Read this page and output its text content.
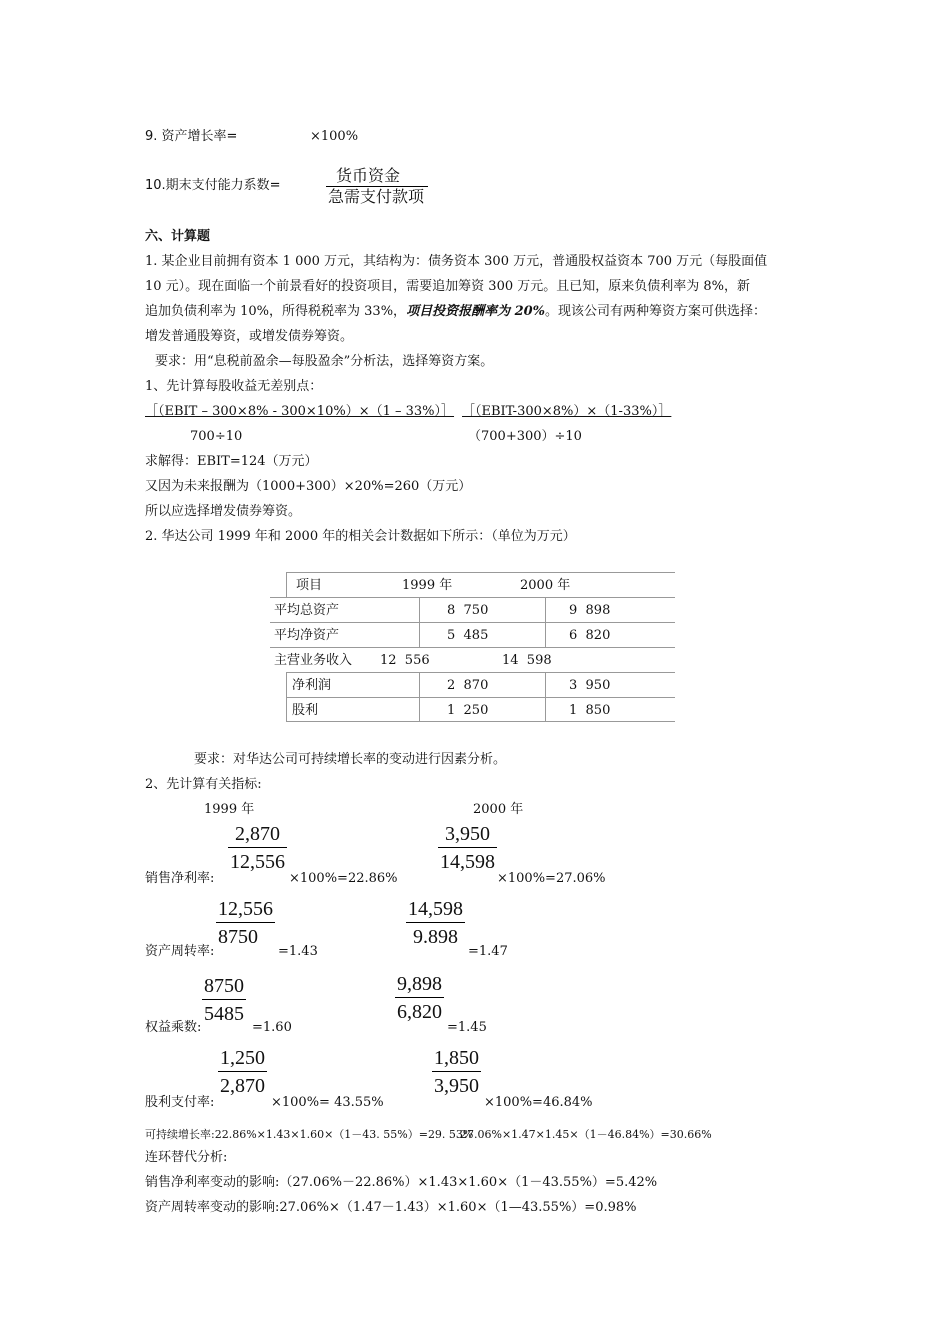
9. 资产增长率=	×100%
10.期末支付能力系数=
货币资金
急需支付款项
六、计算题
1. 某企业目前拥有资本 1 000 万元，其结构为：债务资本 300 万元，普通股权益资本 700 万元（每股面值
10 元）。现在面临一个前景看好的投资项目，需要追加筹资 300 万元。且已知，原来负债利率为 8%，新
追加负债利率为 10%，所得税税率为 33%，项目投资报酬率为 20%。现该公司有两种筹资方案可供选择：
增发普通股筹资，或增发债券筹资。
要求：用“息税前盈余—每股盈余”分析法，选择筹资方案。
1、先计算每股收益无差别点：
［（EBIT – 300×8% - 300×10%）×（1 – 33%）］
700÷10
［（EBIT-300×8%）×（1-33%）］
（700+300）÷10
求解得：EBIT=124（万元）
又因为未来报酬为（1000+300）×20%=260（万元）
所以应选择增发债券筹资。
2. 华达公司 1999 年和 2000 年的相关会计数据如下所示：（单位为万元）
项目	1999 年	2000 年
平均总资产	8  750	9  898
平均净资产	5  485	6  820
主营业务收入 12  556	14  598
净利润	2  870	3  950
股利	1  250	1  850
要求：对华达公司可持续增长率的变动进行因素分析。
2、先计算有关指标:
1999 年	2000 年
$\frac{2,870}{12,556}$	$\frac{3,950}{14,598}$
销售净利率:	×100%=22.86%	×100%=27.06%
$\frac{12,556}{8750}$	$\frac{14,598}{9.898}$
资产周转率:	=1.43	=1.47
$\frac{8750}{5485}$	$\frac{9,898}{6,820}$
权益乘数:	=1.60	=1.45
$\frac{1,250}{2,870}$	$\frac{1,850}{3,950}$
股利支付率:	×100%= 43.55%	×100%=46.84%
可持续增长率:22.86%×1.43×1.60×（1－43. 55%）=29. 53%
27.06%×1.47×1.45×（1－46.84%）=30.66%
连环替代分析:
销售净利率变动的影响:（27.06%－22.86%）×1.43×1.60×（1－43.55%）=5.42%
资产周转率变动的影响:27.06%×（1.47－1.43）×1.60×（1—43.55%）=0.98%
